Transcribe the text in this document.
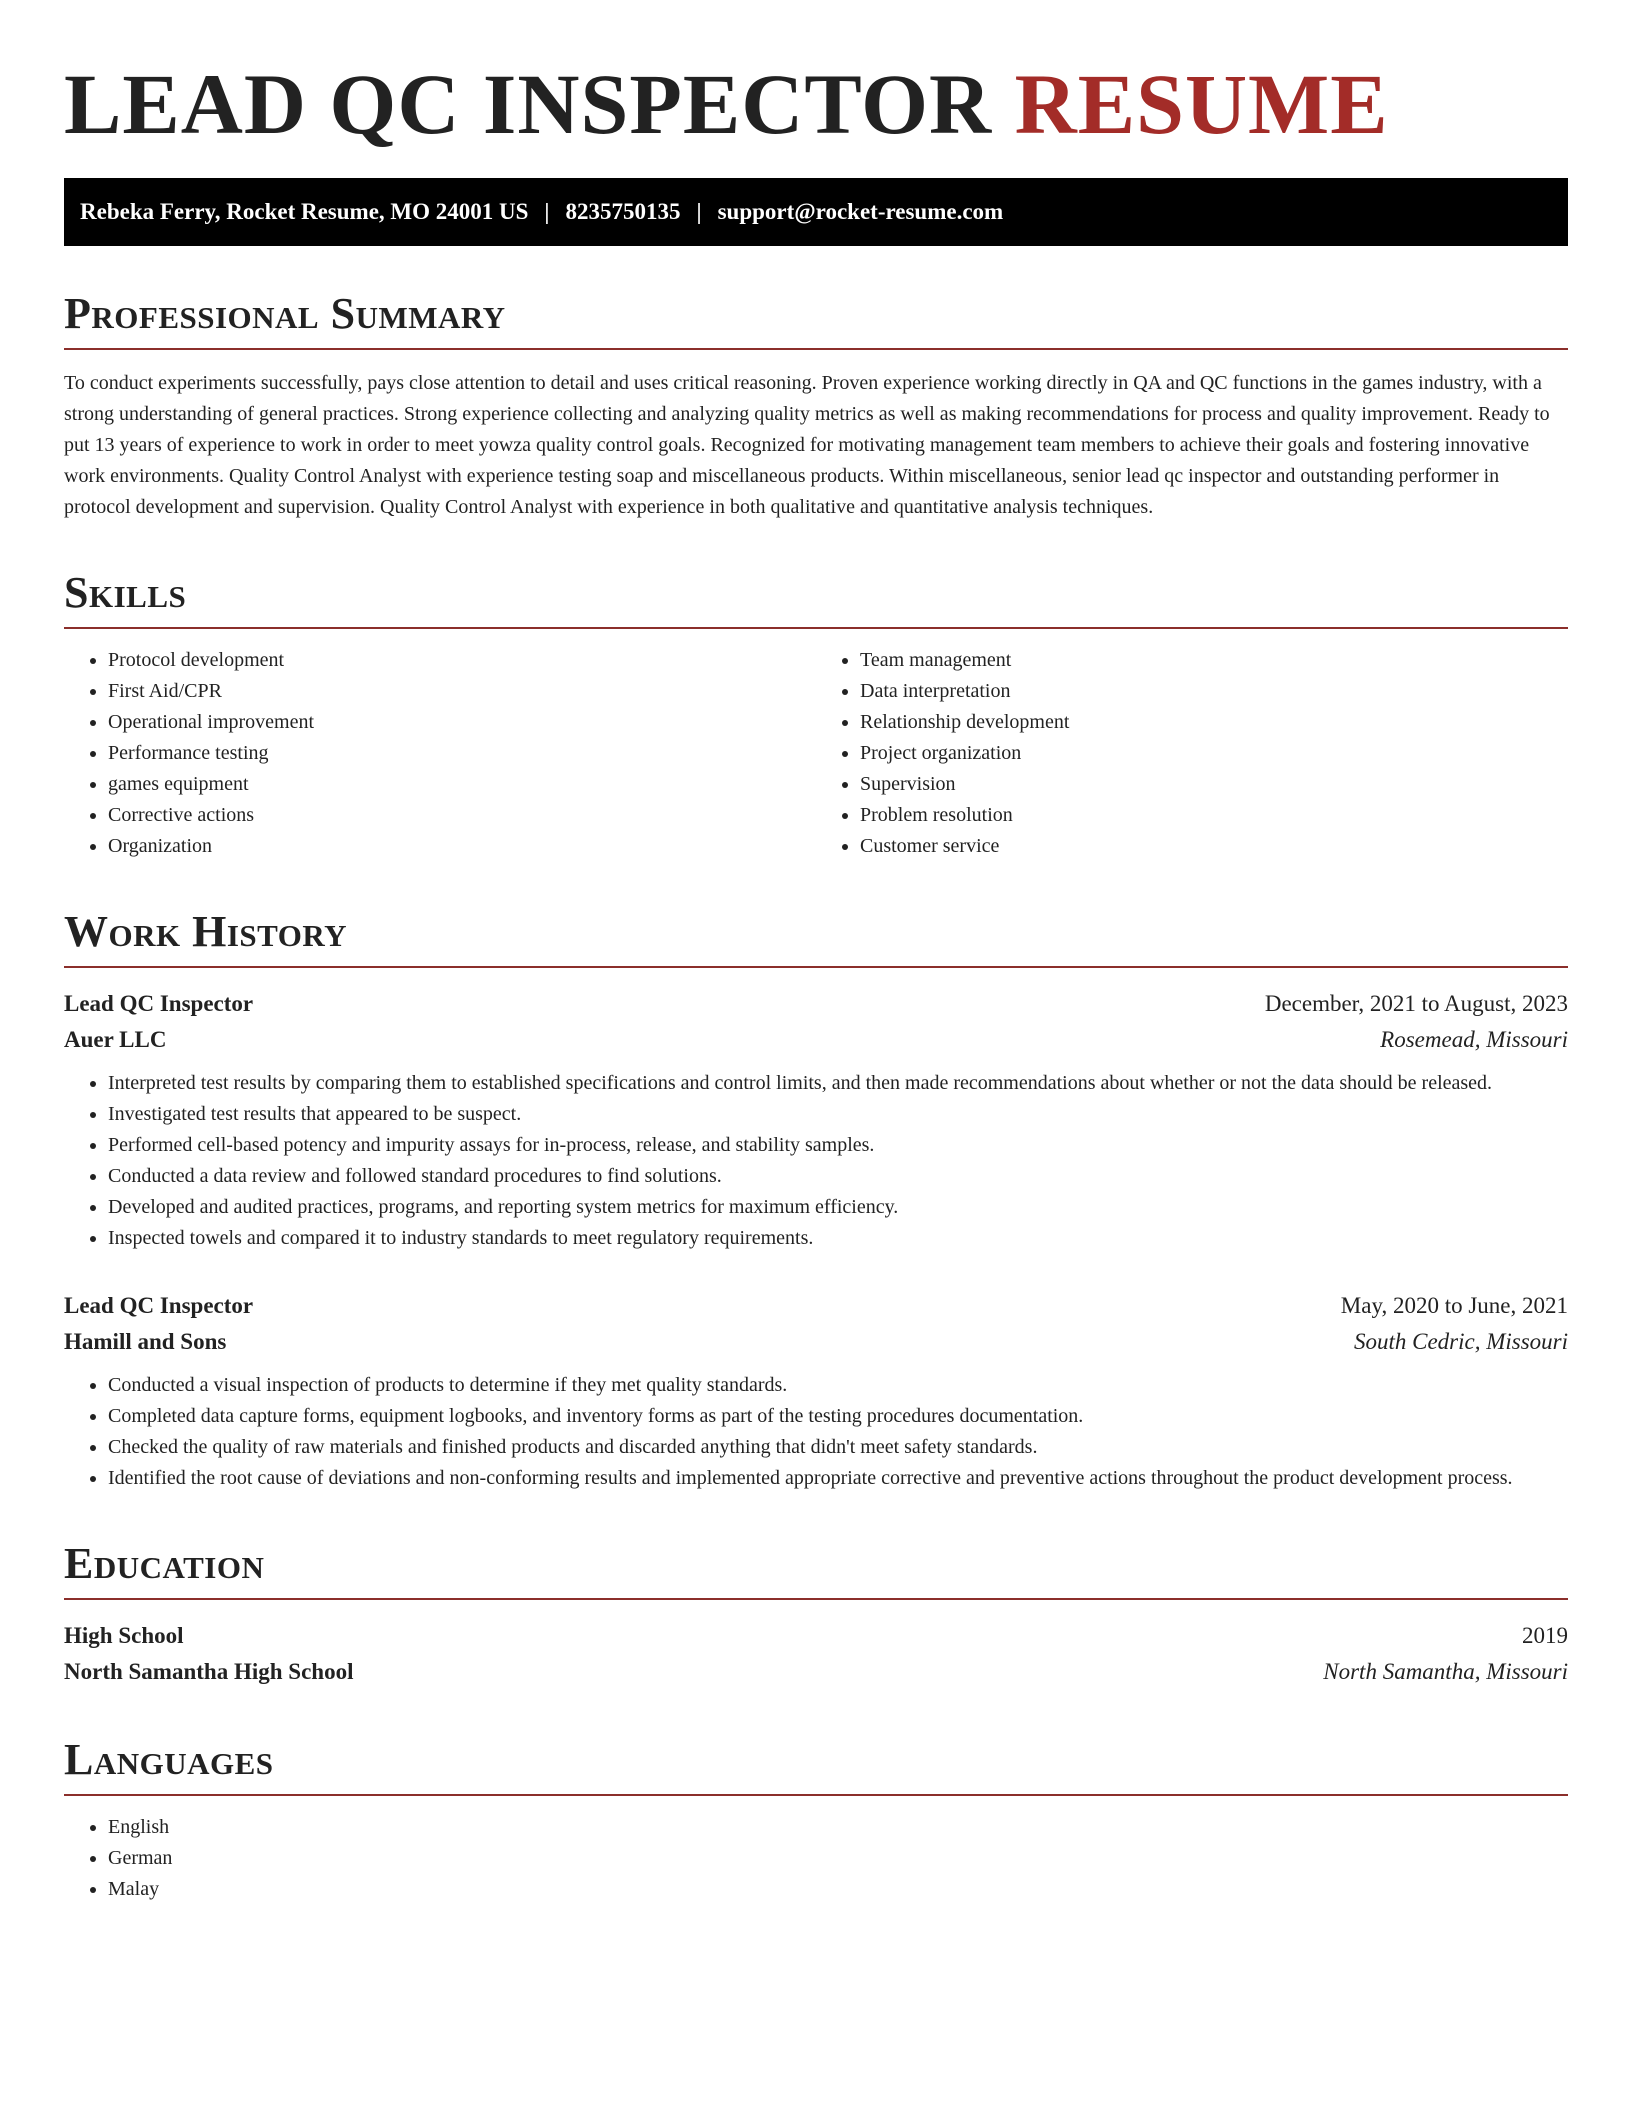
LEAD QC INSPECTOR RESUME
Rebeka Ferry, Rocket Resume, MO 24001 US | 8235750135 | support@rocket-resume.com
Professional Summary

To conduct experiments successfully, pays close attention to detail and uses critical reasoning. Proven experience working directly in QA and QC functions in the games industry, with a strong understanding of general practices. Strong experience collecting and analyzing quality metrics as well as making recommendations for process and quality improvement. Ready to put 13 years of experience to work in order to meet yowza quality control goals. Recognized for motivating management team members to achieve their goals and fostering innovative work environments. Quality Control Analyst with experience testing soap and miscellaneous products. Within miscellaneous, senior lead qc inspector and outstanding performer in protocol development and supervision. Quality Control Analyst with experience in both qualitative and quantitative analysis techniques.

Skills
• Protocol development
• First Aid/CPR
• Operational improvement
• Performance testing
• games equipment
• Corrective actions
• Organization
• Team management
• Data interpretation
• Relationship development
• Project organization
• Supervision
• Problem resolution
• Customer service
Work History
Lead QC Inspector	December, 2021 to August, 2023
Auer LLC	Rosemead, Missouri
• Interpreted test results by comparing them to established specifications and control limits, and then made recommendations about whether or not the data should be released.
• Investigated test results that appeared to be suspect.
• Performed cell-based potency and impurity assays for in-process, release, and stability samples.
• Conducted a data review and followed standard procedures to find solutions.
• Developed and audited practices, programs, and reporting system metrics for maximum efficiency.
• Inspected towels and compared it to industry standards to meet regulatory requirements.
Lead QC Inspector	May, 2020 to June, 2021
Hamill and Sons	South Cedric, Missouri
• Conducted a visual inspection of products to determine if they met quality standards.
• Completed data capture forms, equipment logbooks, and inventory forms as part of the testing procedures documentation.
• Checked the quality of raw materials and finished products and discarded anything that didn't meet safety standards.
• Identified the root cause of deviations and non-conforming results and implemented appropriate corrective and preventive actions throughout the product development process.
Education
High School	2019
North Samantha High School	North Samantha, Missouri
Languages
• English
• German
• Malay
